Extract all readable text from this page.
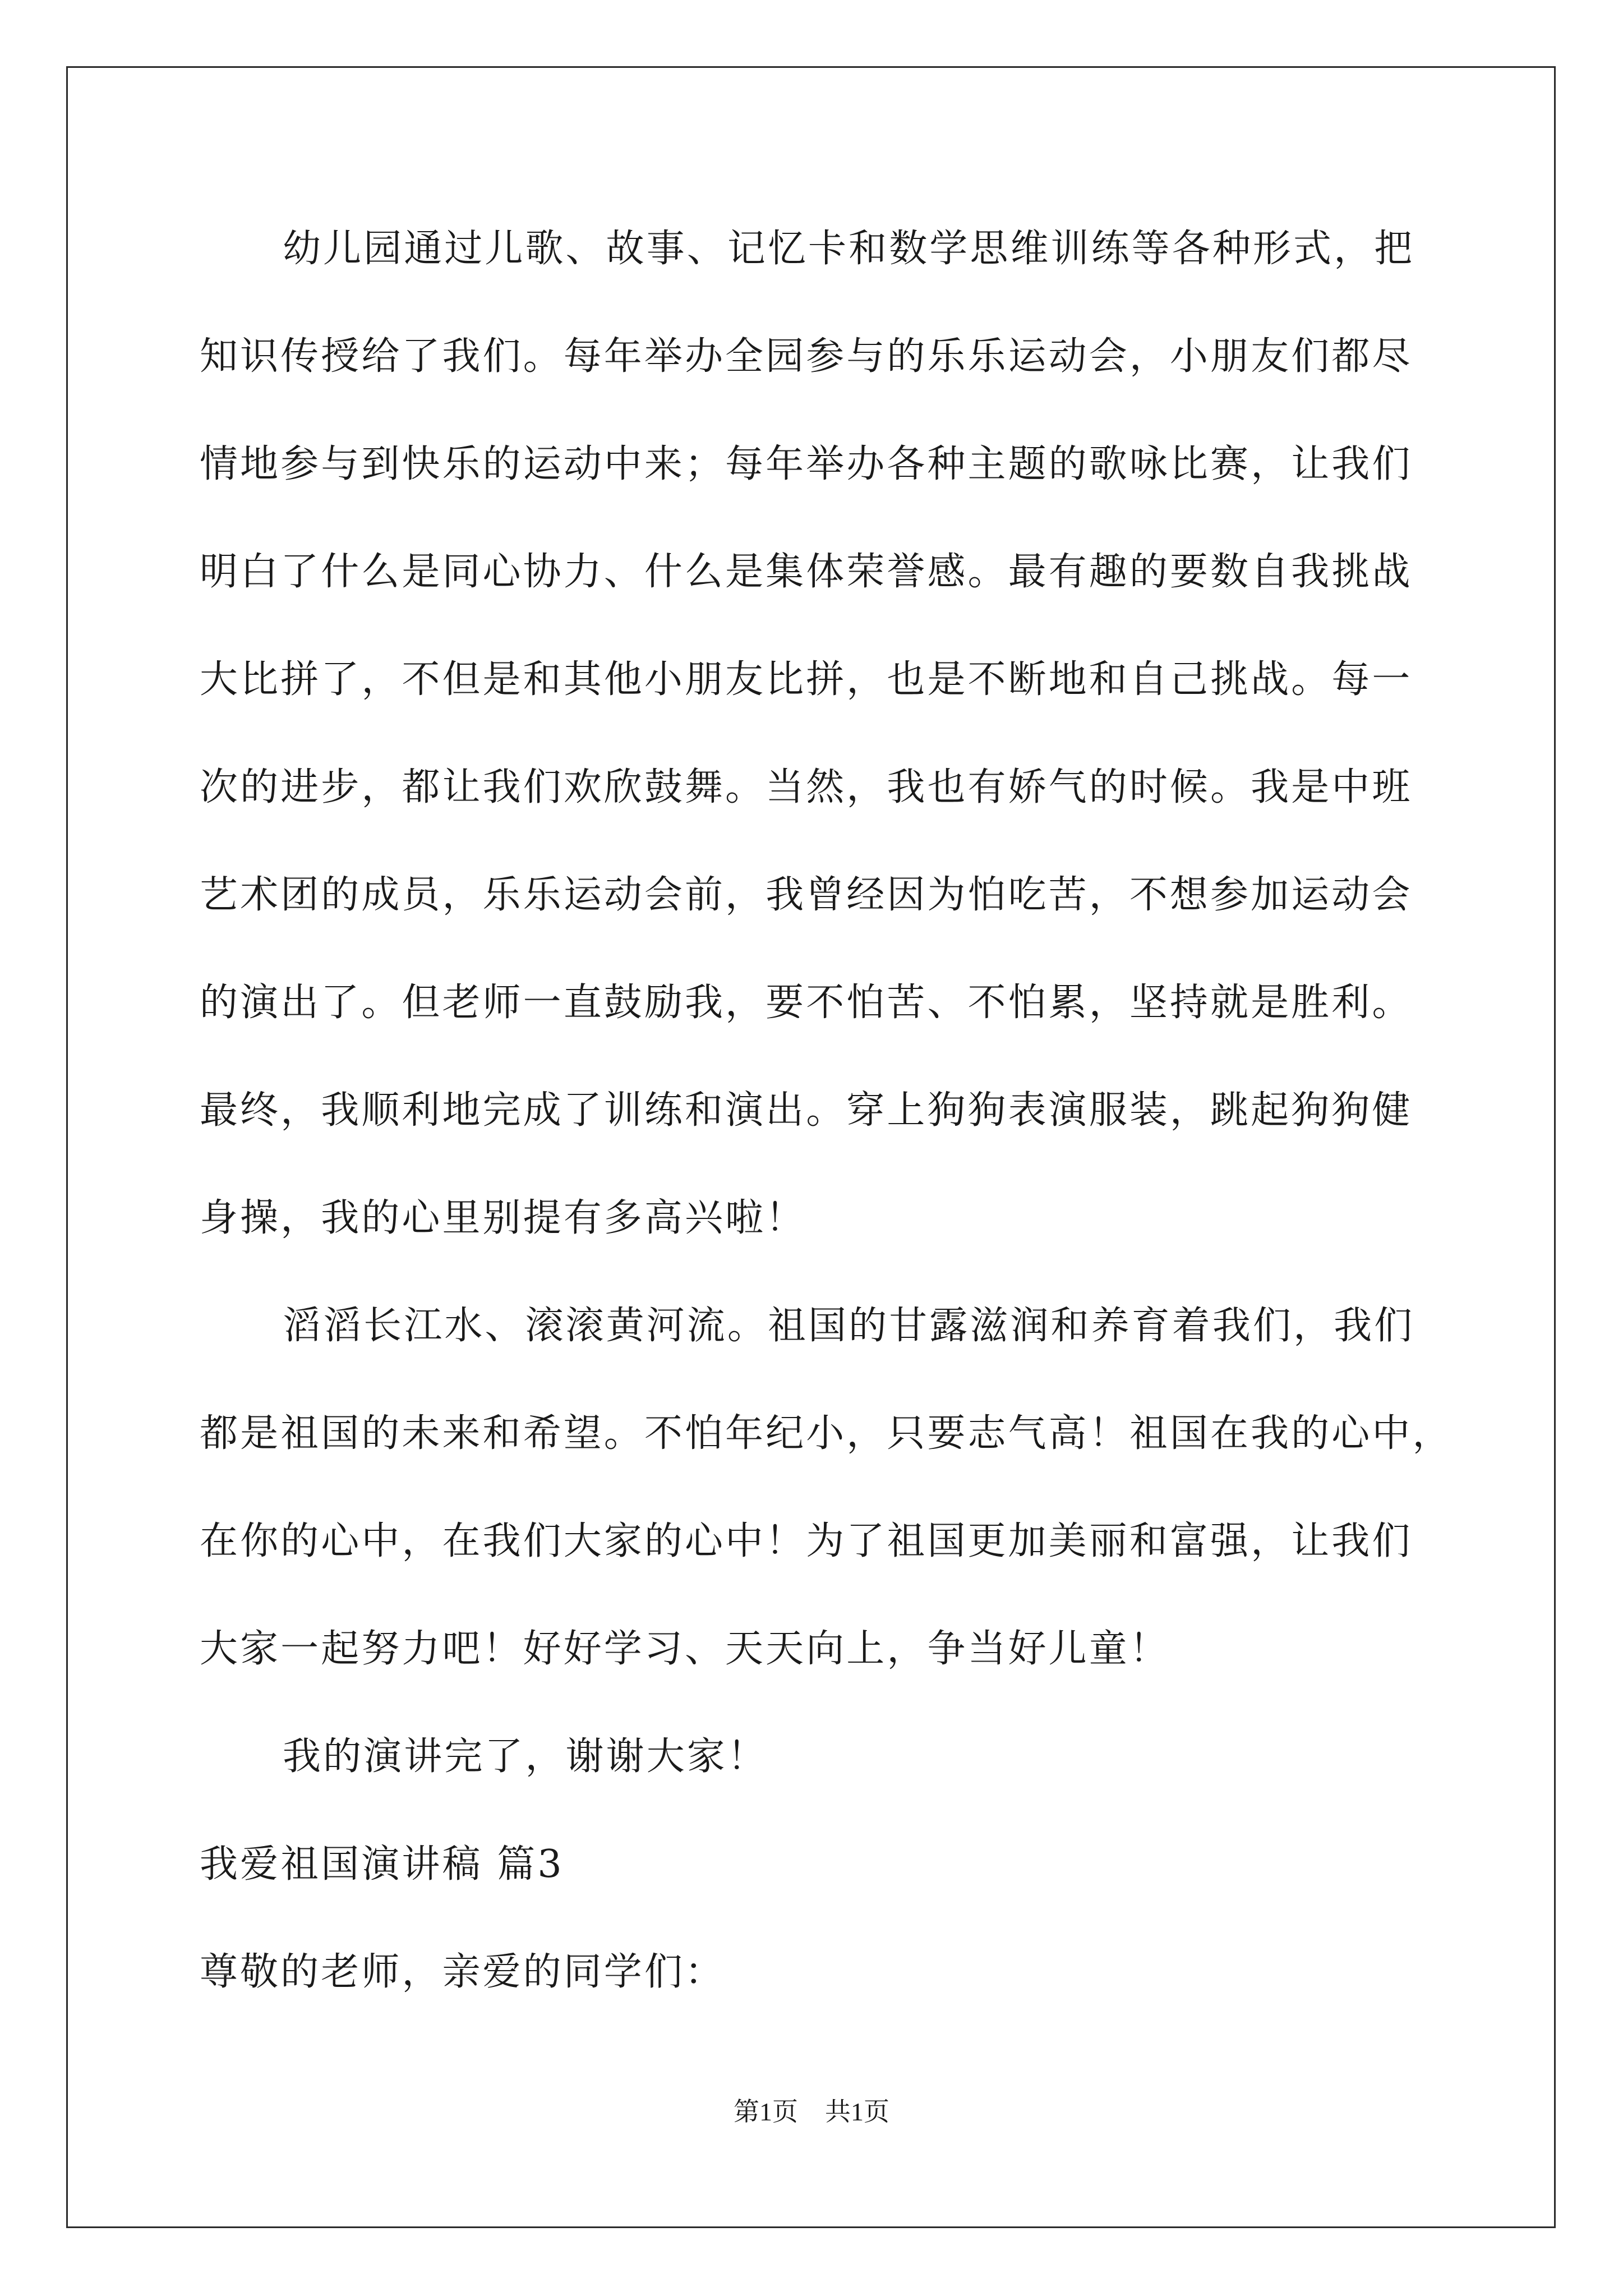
幼儿园通过儿歌、故事、记忆卡和数学思维训练等各种形式，把

知识传授给了我们。每年举办全园参与的乐乐运动会，小朋友们都尽

情地参与到快乐的运动中来；每年举办各种主题的歌咏比赛，让我们

明白了什么是同心协力、什么是集体荣誉感。最有趣的要数自我挑战

大比拼了，不但是和其他小朋友比拼，也是不断地和自己挑战。每一

次的进步，都让我们欢欣鼓舞。当然，我也有娇气的时候。我是中班

艺术团的成员，乐乐运动会前，我曾经因为怕吃苦，不想参加运动会

的演出了。但老师一直鼓励我，要不怕苦、不怕累，坚持就是胜利。

最终，我顺利地完成了训练和演出。穿上狗狗表演服装，跳起狗狗健

身操，我的心里别提有多高兴啦！

滔滔长江水、滚滚黄河流。祖国的甘露滋润和养育着我们，我们

都是祖国的未来和希望。不怕年纪小，只要志气高！祖国在我的心中，

在你的心中，在我们大家的心中！为了祖国更加美丽和富强，让我们

大家一起努力吧！好好学习、天天向上，争当好儿童！

我的演讲完了，谢谢大家！

我爱祖国演讲稿 篇3

尊敬的老师，亲爱的同学们：

第1页 共1页
